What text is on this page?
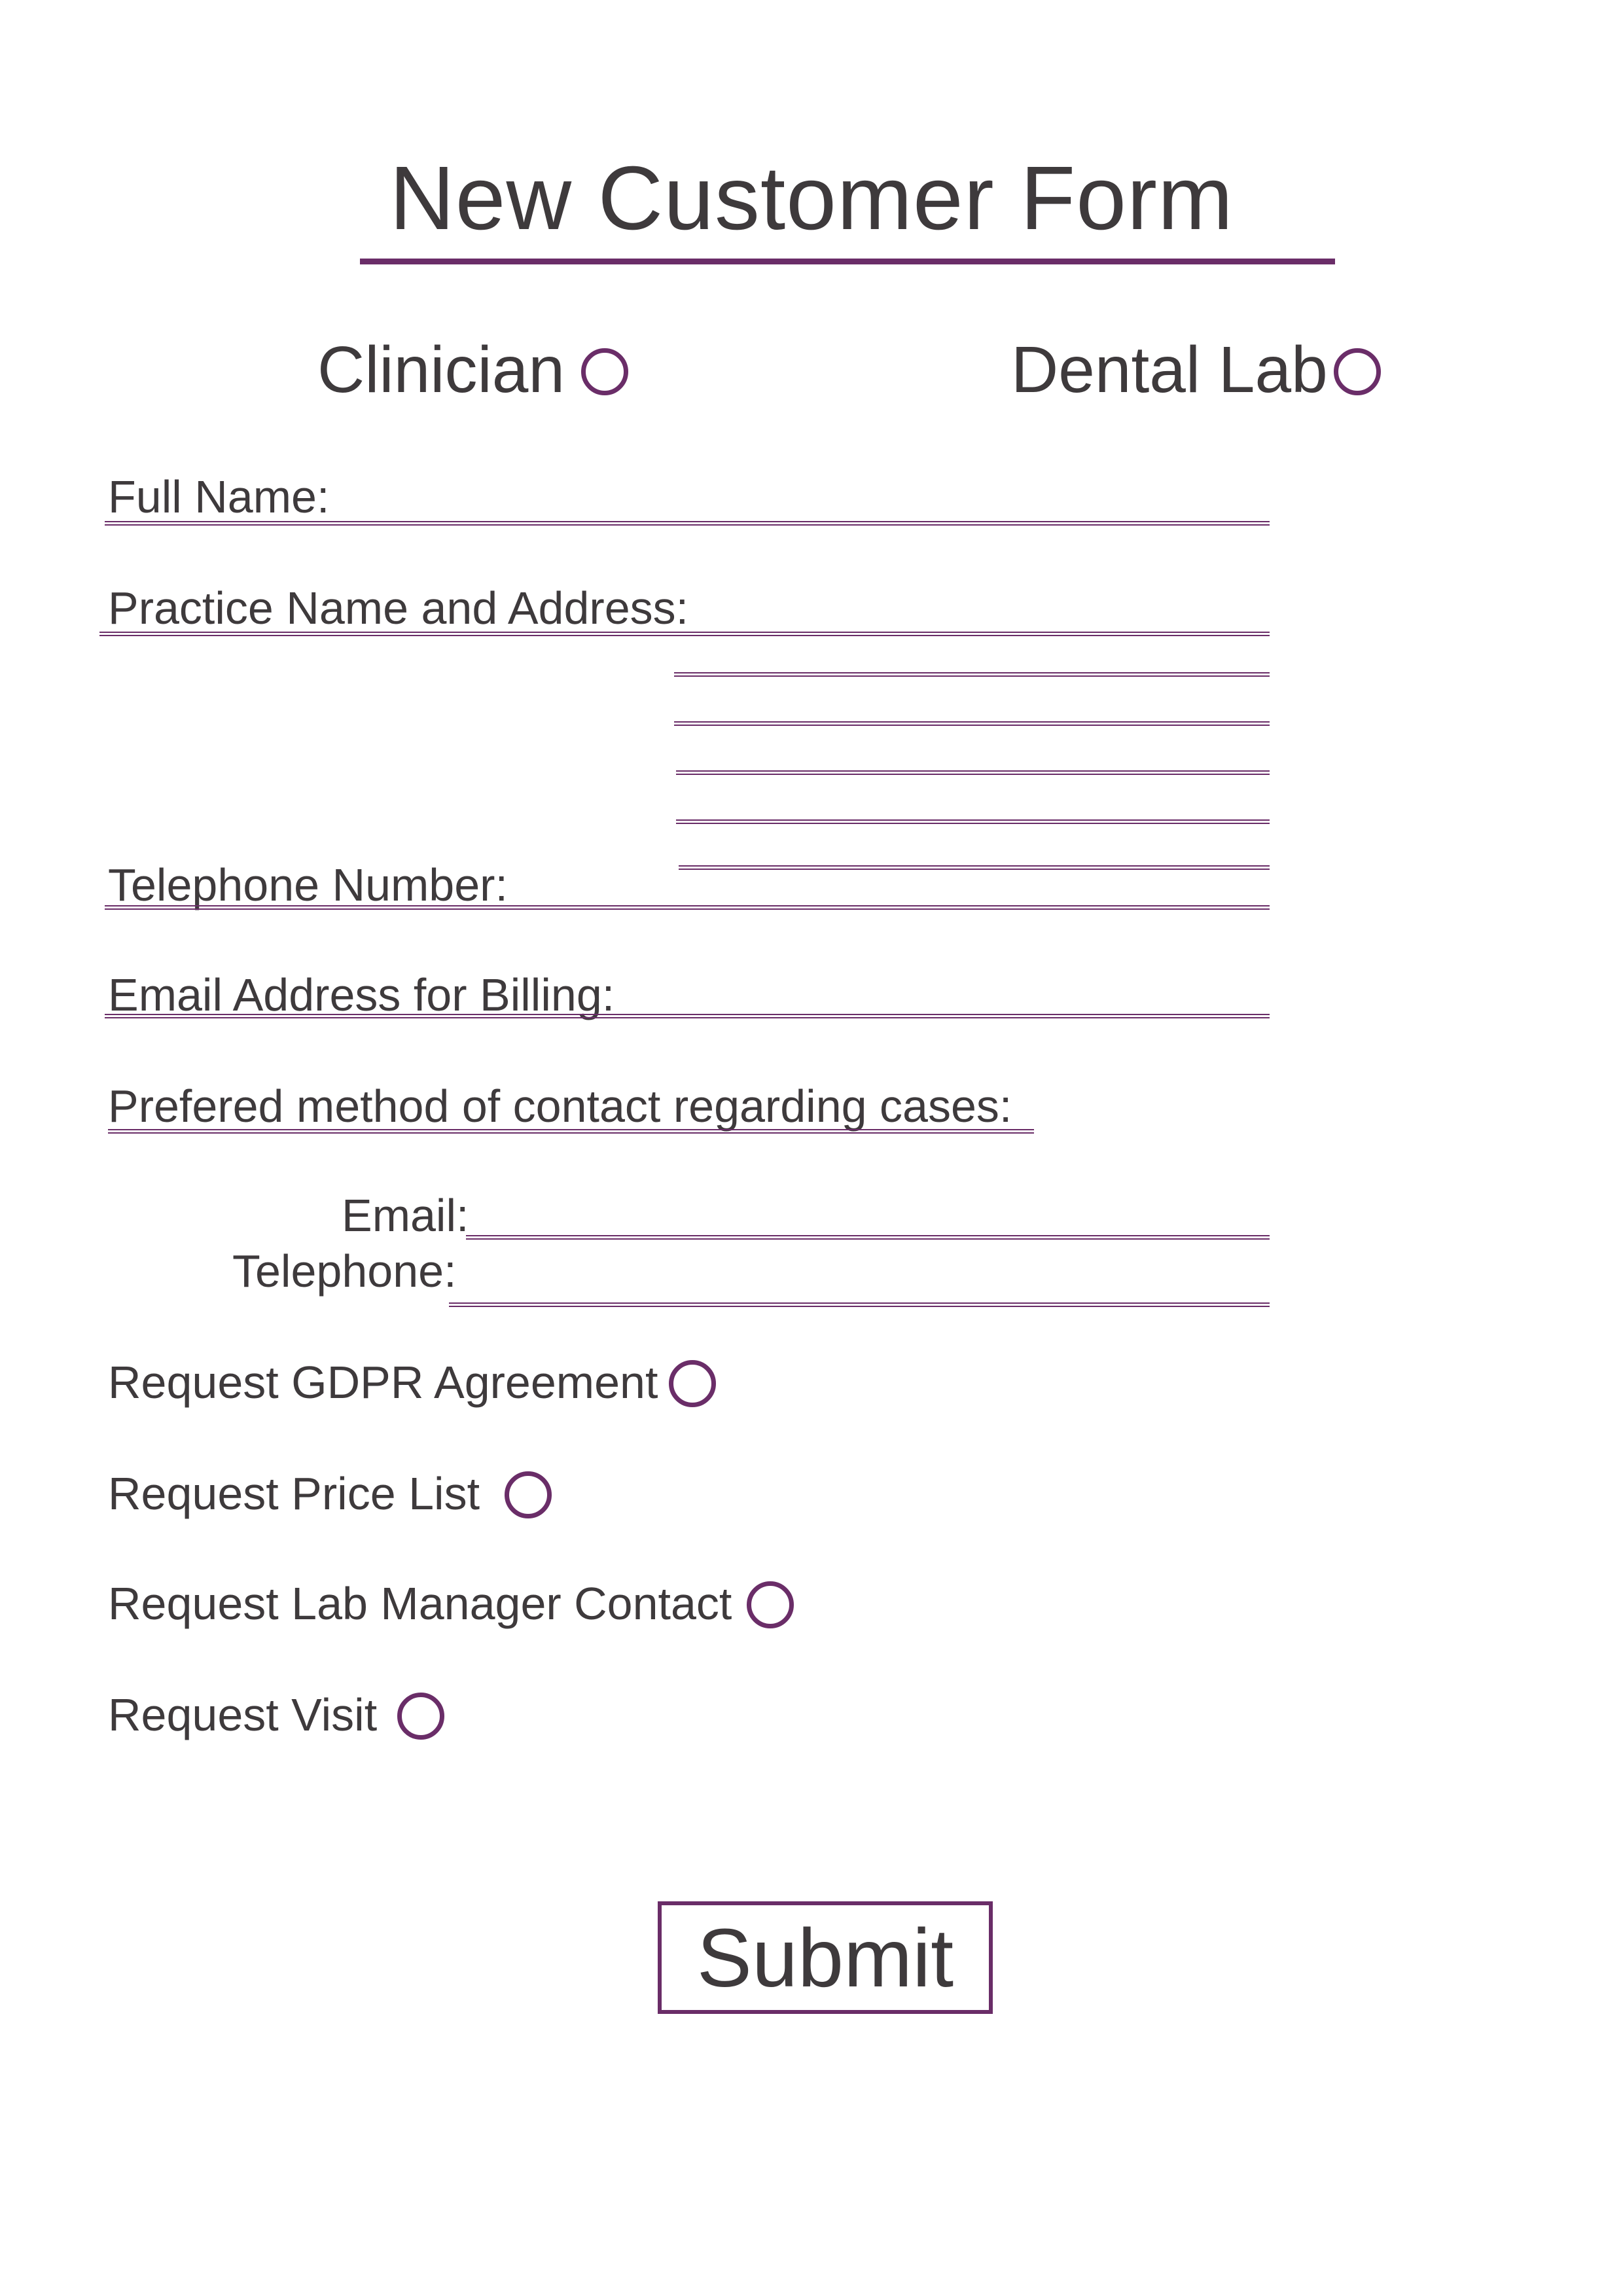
New Customer Form
Clinician	Dental Lab
Full Name:
Practice Name and Address:
Telephone Number:
Email Address for Billing:
Prefered method of contact regarding cases:
Email:
Telephone:
Request GDPR Agreement
Request Price List
Request Lab Manager Contact
Request Visit
Submit
